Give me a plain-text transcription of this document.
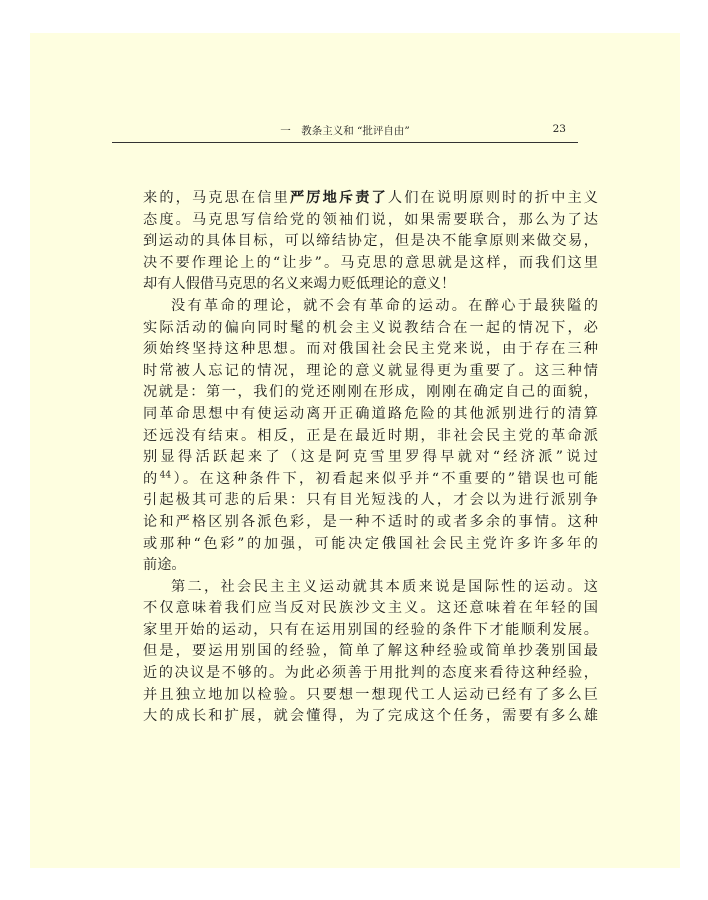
一　教条主义和 “批评自由”	23
来的，马克思在信里严厉地斥责了人们在说明原则时的折中主义
态度。马克思写信给党的领袖们说，如果需要联合，那么为了达
到运动的具体目标，可以缔结协定，但是决不能拿原则来做交易，
决不要作理论上的“让步”。马克思的意思就是这样，而我们这里
却有人假借马克思的名义来竭力贬低理论的意义！
没有革命的理论，就不会有革命的运动。在醉心于最狭隘的
实际活动的偏向同时髦的机会主义说教结合在一起的情况下，必
须始终坚持这种思想。而对俄国社会民主党来说，由于存在三种
时常被人忘记的情况，理论的意义就显得更为重要了。这三种情
况就是：第一，我们的党还刚刚在形成，刚刚在确定自己的面貌，
同革命思想中有使运动离开正确道路危险的其他派别进行的清算
还远没有结束。相反，正是在最近时期，非社会民主党的革命派
别显得活跃起来了（这是阿克雪里罗得早就对“经济派”说过
的$^{44}$）。在这种条件下，初看起来似乎并“不重要的”错误也可能
引起极其可悲的后果：只有目光短浅的人，才会以为进行派别争
论和严格区别各派色彩，是一种不适时的或者多余的事情。这种
或那种“色彩”的加强，可能决定俄国社会民主党许多许多年的
前途。
第二，社会民主主义运动就其本质来说是国际性的运动。这
不仅意味着我们应当反对民族沙文主义。这还意味着在年轻的国
家里开始的运动，只有在运用别国的经验的条件下才能顺利发展。
但是，要运用别国的经验，简单了解这种经验或简单抄袭别国最
近的决议是不够的。为此必须善于用批判的态度来看待这种经验，
并且独立地加以检验。只要想一想现代工人运动已经有了多么巨
大的成长和扩展，就会懂得，为了完成这个任务，需要有多么雄
